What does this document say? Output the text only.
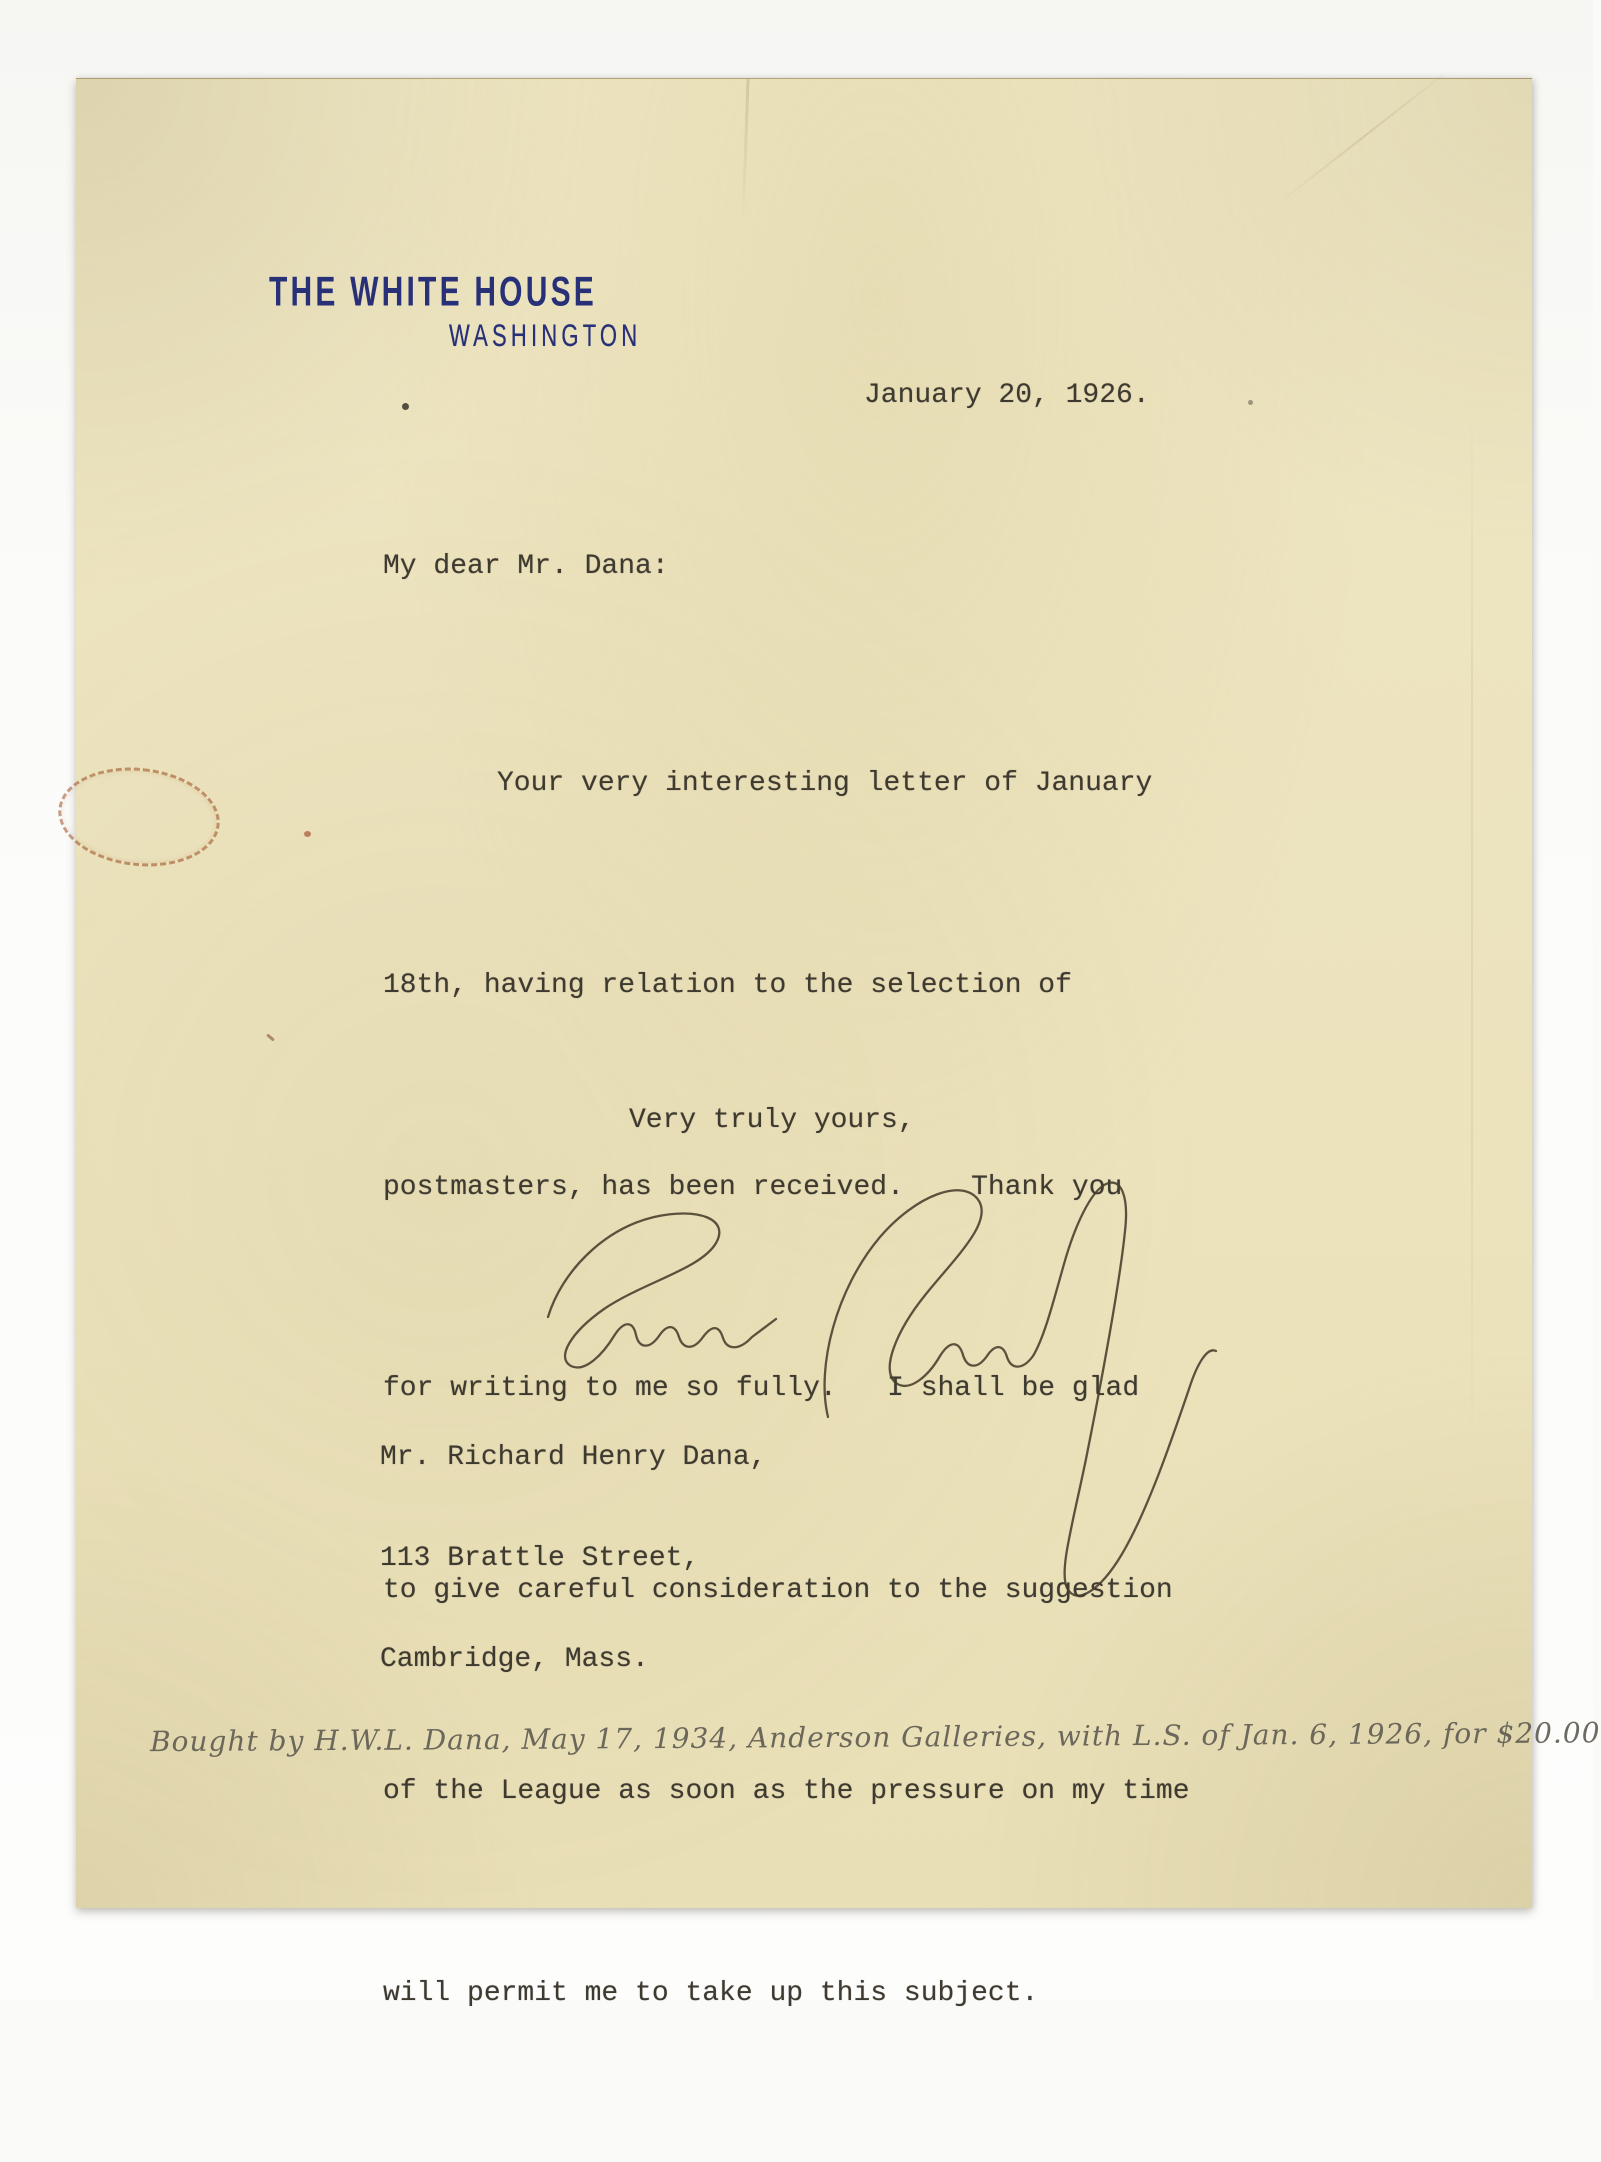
THE WHITE HOUSE
WASHINGTON
January 20, 1926.
My dear Mr. Dana:

Your very interesting letter of January

18th, having relation to the selection of

postmasters, has been received.    Thank you

for writing to me so fully.   I shall be glad

to give careful consideration to the suggestion

of the League as soon as the pressure on my time

will permit me to take up this subject.

Very truly yours,

Mr. Richard Henry Dana,

113 Brattle Street,

Cambridge, Mass.

Bought by H.W.L. Dana, May 17, 1934, Anderson Galleries, with L.S. of Jan. 6, 1926, for $20.00
